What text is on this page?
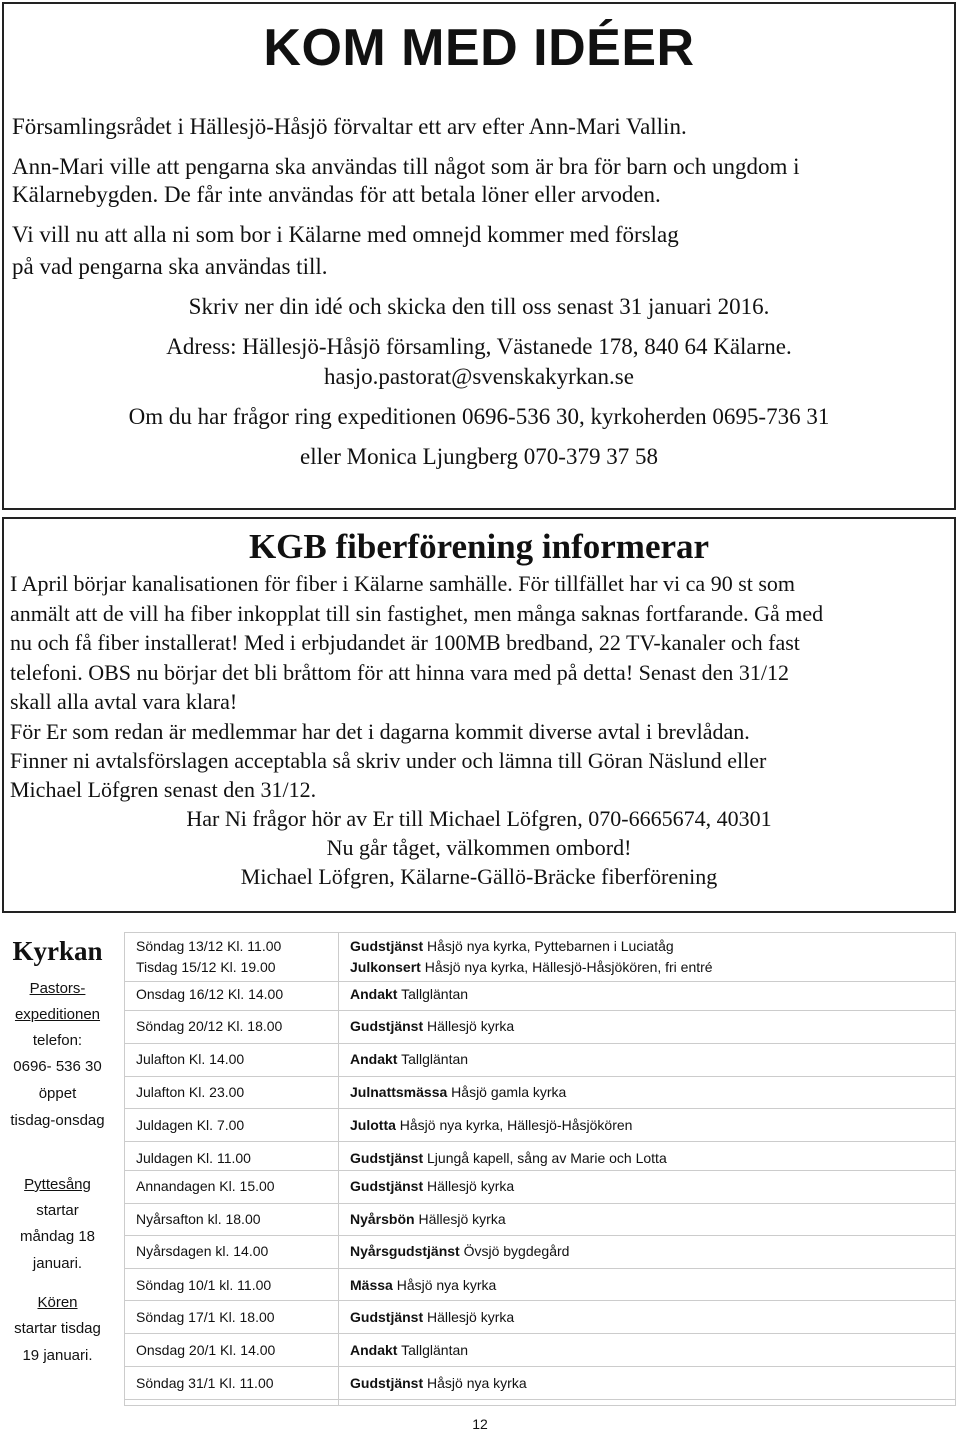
KOM MED IDÉER
Församlingsrådet i Hällesjö-Håsjö förvaltar ett arv efter Ann-Mari Vallin.
Ann-Mari ville att pengarna ska användas till något som är bra för barn och ungdom i
Kälarnebygden. De får inte användas för att betala löner eller arvoden.
Vi vill nu att alla ni som bor i Kälarne med omnejd kommer med förslag
på vad pengarna ska användas till.
Skriv ner din idé och skicka den till oss senast 31 januari 2016.
Adress: Hällesjö-Håsjö församling, Västanede 178, 840 64 Kälarne.
hasjo.pastorat@svenskakyrkan.se
Om du har frågor ring expeditionen 0696-536 30, kyrkoherden 0695-736 31
eller Monica Ljungberg 070-379 37 58
KGB fiberförening informerar
I April börjar kanalisationen för fiber i Kälarne samhälle. För tillfället har vi ca 90 st som
anmält att de vill ha fiber inkopplat till sin fastighet, men många saknas fortfarande. Gå med
nu och få fiber installerat! Med i erbjudandet är 100MB bredband, 22 TV-kanaler och fast
telefoni. OBS nu börjar det bli bråttom för att hinna vara med på detta! Senast den 31/12
skall alla avtal vara klara!
För Er som redan är medlemmar har det i dagarna kommit diverse avtal i brevlådan.
Finner ni avtalsförslagen acceptabla så skriv under och lämna till Göran Näslund eller
Michael Löfgren senast den 31/12.
Har Ni frågor hör av Er till Michael Löfgren, 070-6665674, 40301
Nu går tåget, välkommen ombord!
Michael Löfgren, Kälarne-Gällö-Bräcke fiberförening
Kyrkan
Pastors-
expeditionen
telefon:
0696- 536 30
öppet
tisdag-onsdag
Pyttesång
startar
måndag 18
januari.
Kören
startar tisdag
19 januari.
Söndag 13/12 Kl. 11.00	Gudstjänst Håsjö nya kyrka, Pyttebarnen i Luciatåg
Tisdag 15/12 Kl. 19.00	Julkonsert Håsjö nya kyrka, Hällesjö-Håsjökören, fri entré
Onsdag 16/12 Kl. 14.00	Andakt Tallgläntan
Söndag 20/12 Kl. 18.00	Gudstjänst Hällesjö kyrka
Julafton Kl. 14.00	Andakt Tallgläntan
Julafton Kl. 23.00	Julnattsmässa Håsjö gamla kyrka
Juldagen Kl. 7.00	Julotta Håsjö nya kyrka, Hällesjö-Håsjökören
Juldagen Kl. 11.00	Gudstjänst Ljungå kapell, sång av Marie och Lotta
Annandagen Kl. 15.00	Gudstjänst Hällesjö kyrka
Nyårsafton kl. 18.00	Nyårsbön Hällesjö kyrka
Nyårsdagen kl. 14.00	Nyårsgudstjänst Övsjö bygdegård
Söndag 10/1 kl. 11.00	Mässa Håsjö nya kyrka
Söndag 17/1 Kl. 18.00	Gudstjänst Hällesjö kyrka
Onsdag 20/1 Kl. 14.00	Andakt Tallgläntan
Söndag 31/1 Kl. 11.00	Gudstjänst Håsjö nya kyrka
12
